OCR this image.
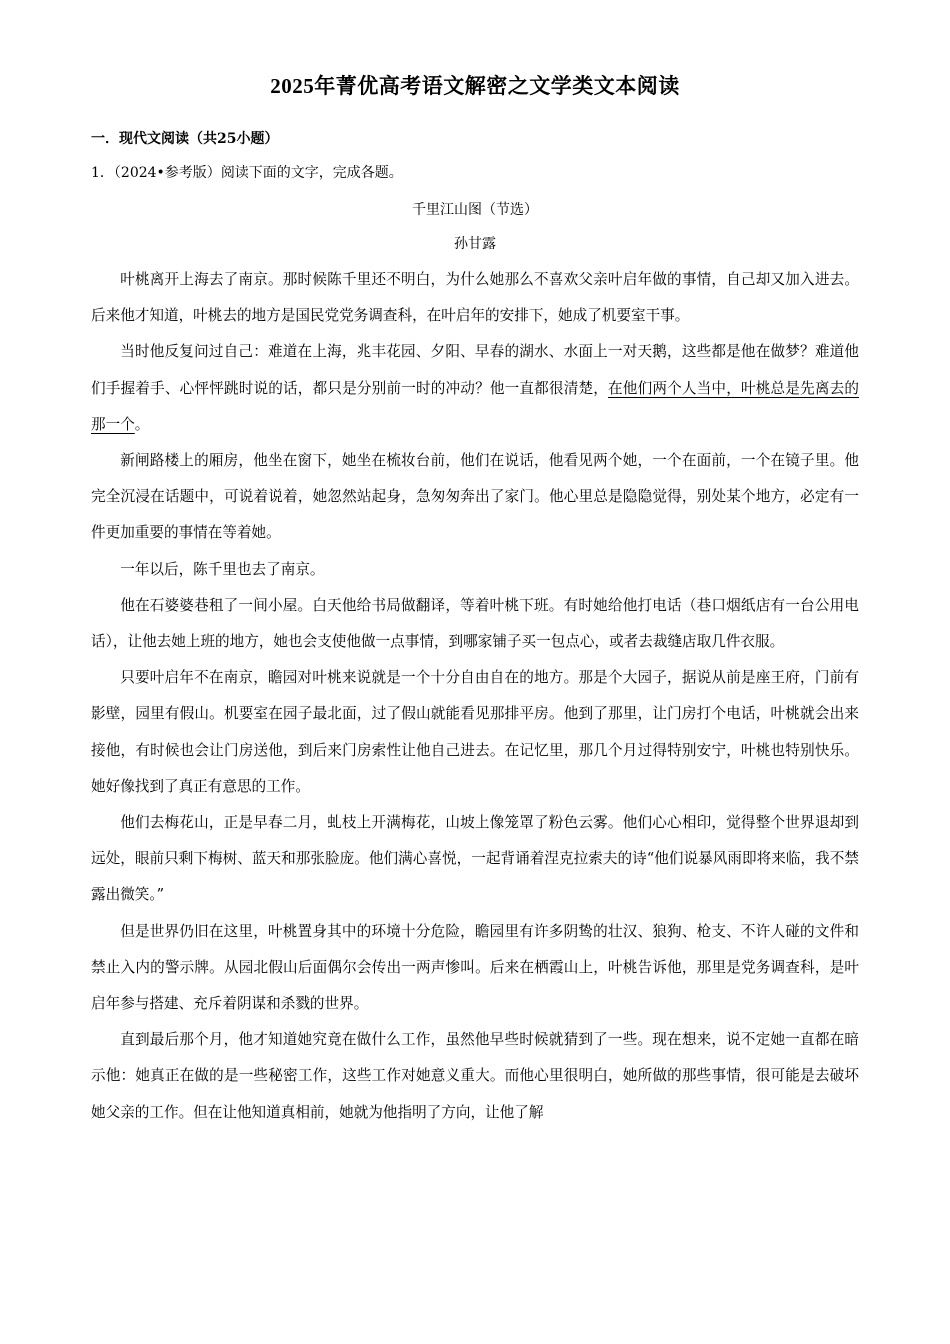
2025年菁优高考语文解密之文学类文本阅读
一．现代文阅读（共25小题）
1．（2024•参考版）阅读下面的文字，完成各题。
千里江山图（节选）
孙甘露

叶桃离开上海去了南京。那时候陈千里还不明白，为什么她那么不喜欢父亲叶启年做的事情，自己却又加入进去。后来他才知道，叶桃去的地方是国民党党务调查科，在叶启年的安排下，她成了机要室干事。

当时他反复问过自己：难道在上海，兆丰花园、夕阳、早春的湖水、水面上一对天鹅，这些都是他在做梦？难道他们手握着手、心怦怦跳时说的话，都只是分别前一时的冲动？他一直都很清楚，在他们两个人当中，叶桃总是先离去的那一个。

新闸路楼上的厢房，他坐在窗下，她坐在梳妆台前，他们在说话，他看见两个她，一个在面前，一个在镜子里。他完全沉浸在话题中，可说着说着，她忽然站起身，急匆匆奔出了家门。他心里总是隐隐觉得，别处某个地方，必定有一件更加重要的事情在等着她。

一年以后，陈千里也去了南京。

他在石婆婆巷租了一间小屋。白天他给书局做翻译，等着叶桃下班。有时她给他打电话（巷口烟纸店有一台公用电话），让他去她上班的地方，她也会支使他做一点事情，到哪家铺子买一包点心，或者去裁缝店取几件衣服。

只要叶启年不在南京，瞻园对叶桃来说就是一个十分自由自在的地方。那是个大园子，据说从前是座王府，门前有影壁，园里有假山。机要室在园子最北面，过了假山就能看见那排平房。他到了那里，让门房打个电话，叶桃就会出来接他，有时候也会让门房送他，到后来门房索性让他自己进去。在记忆里，那几个月过得特别安宁，叶桃也特别快乐。她好像找到了真正有意思的工作。

他们去梅花山，正是早春二月，虬枝上开满梅花，山坡上像笼罩了粉色云雾。他们心心相印，觉得整个世界退却到远处，眼前只剩下梅树、蓝天和那张脸庞。他们满心喜悦，一起背诵着涅克拉索夫的诗“他们说暴风雨即将来临，我不禁露出微笑。”

但是世界仍旧在这里，叶桃置身其中的环境十分危险，瞻园里有许多阴鸷的壮汉、狼狗、枪支、不许人碰的文件和禁止入内的警示牌。从园北假山后面偶尔会传出一两声惨叫。后来在栖霞山上，叶桃告诉他，那里是党务调查科，是叶启年参与搭建、充斥着阴谋和杀戮的世界。

直到最后那个月，他才知道她究竟在做什么工作，虽然他早些时候就猜到了一些。现在想来，说不定她一直都在暗示他：她真正在做的是一些秘密工作，这些工作对她意义重大。而他心里很明白，她所做的那些事情，很可能是去破坏她父亲的工作。但在让他知道真相前，她就为他指明了方向，让他了解
